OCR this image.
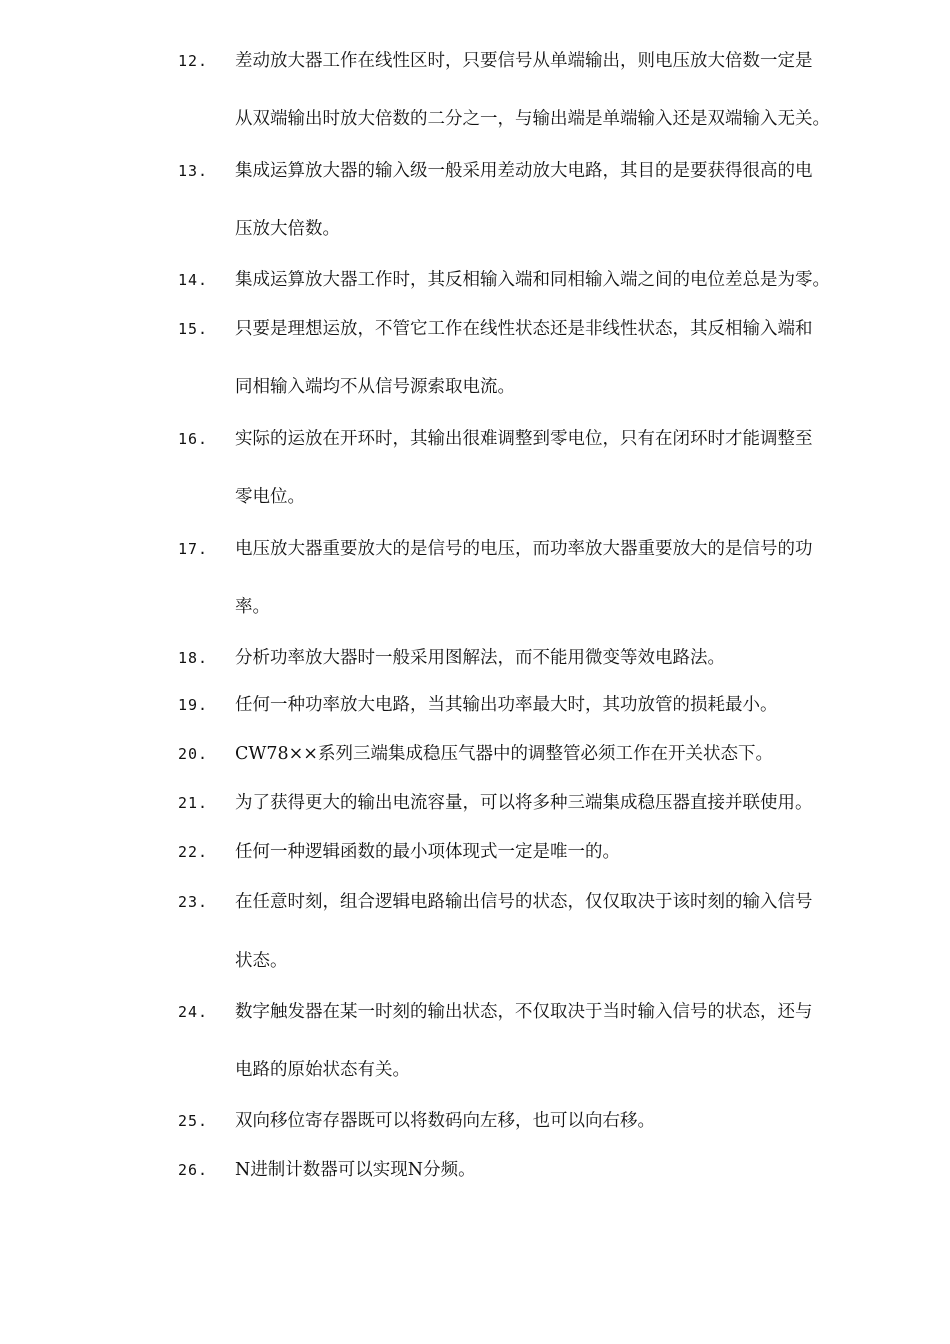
12. 差动放大器工作在线性区时，只要信号从单端输出，则电压放大倍数一定是
从双端输出时放大倍数的二分之一，与输出端是单端输入还是双端输入无关。
13. 集成运算放大器的输入级一般采用差动放大电路，其目的是要获得很高的电
压放大倍数。
14. 集成运算放大器工作时，其反相输入端和同相输入端之间的电位差总是为零。
15. 只要是理想运放，不管它工作在线性状态还是非线性状态，其反相输入端和
同相输入端均不从信号源索取电流。
16. 实际的运放在开环时，其输出很难调整到零电位，只有在闭环时才能调整至
零电位。
17. 电压放大器重要放大的是信号的电压，而功率放大器重要放大的是信号的功
率。
18. 分析功率放大器时一般采用图解法，而不能用微变等效电路法。
19. 任何一种功率放大电路，当其输出功率最大时，其功放管的损耗最小。
20. CW78××系列三端集成稳压气器中的调整管必须工作在开关状态下。
21. 为了获得更大的输出电流容量，可以将多种三端集成稳压器直接并联使用。
22. 任何一种逻辑函数的最小项体现式一定是唯一的。
23. 在任意时刻，组合逻辑电路输出信号的状态，仅仅取决于该时刻的输入信号
状态。
24. 数字触发器在某一时刻的输出状态，不仅取决于当时输入信号的状态，还与
电路的原始状态有关。
25. 双向移位寄存器既可以将数码向左移，也可以向右移。
26. N进制计数器可以实现N分频。
